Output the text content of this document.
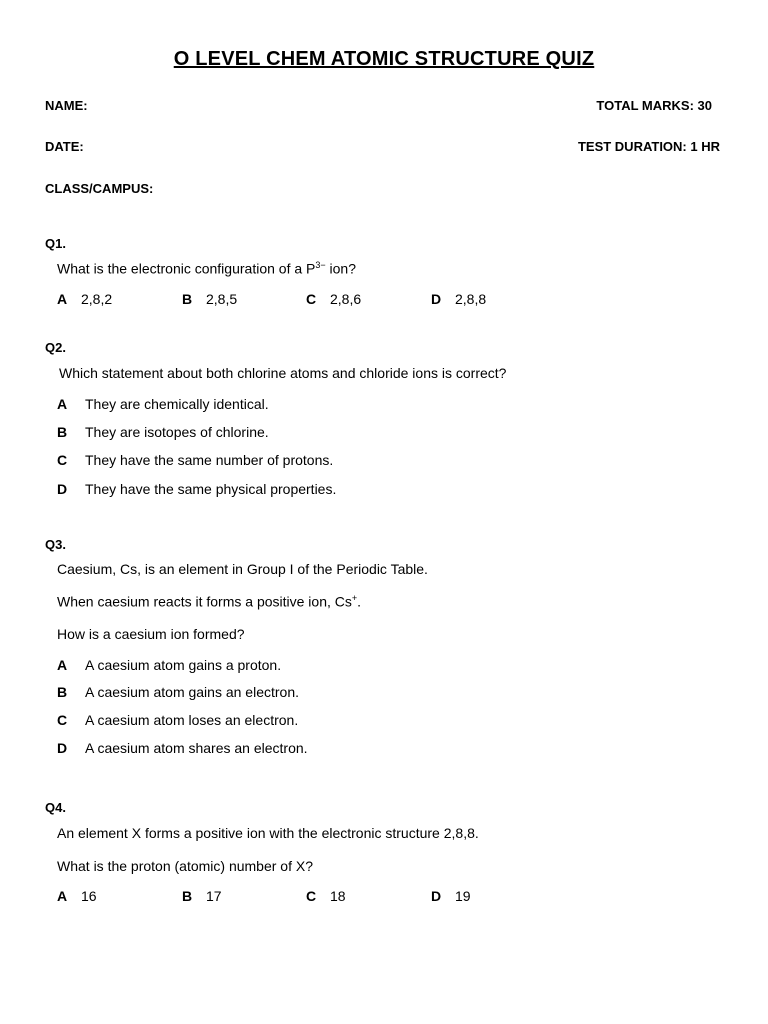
O LEVEL CHEM ATOMIC STRUCTURE QUIZ
NAME:	TOTAL MARKS: 30
DATE:	TEST DURATION: 1 HR
CLASS/CAMPUS:
Q1.
What is the electronic configuration of a $P^{3-}$ ion?
A 2,8,2	B 2,8,5	C 2,8,6	D 2,8,8
Q2.
Which statement about both chlorine atoms and chloride ions is correct?
A They are chemically identical.
B They are isotopes of chlorine.
C They have the same number of protons.
D They have the same physical properties.
Q3.
Caesium, Cs, is an element in Group I of the Periodic Table.
When caesium reacts it forms a positive ion, Cs+.
How is a caesium ion formed?
A A caesium atom gains a proton.
B A caesium atom gains an electron.
C A caesium atom loses an electron.
D A caesium atom shares an electron.
Q4.
An element X forms a positive ion with the electronic structure 2,8,8.
What is the proton (atomic) number of X?
A 16	B 17	C 18	D 19
